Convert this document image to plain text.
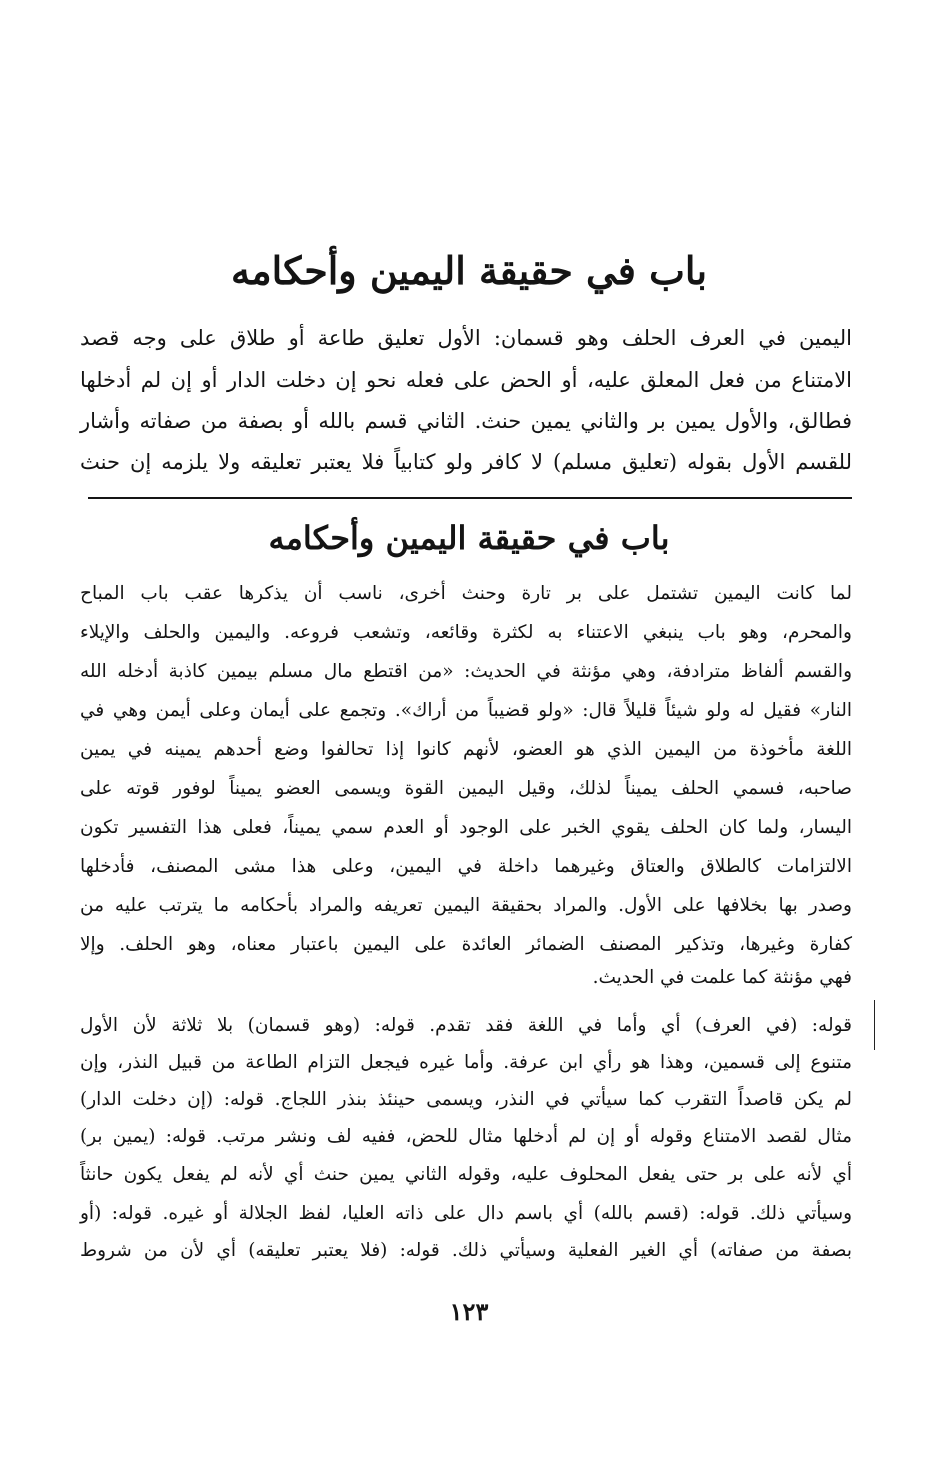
باب في حقيقة اليمين وأحكامه
اليمين في العرف الحلف وهو قسمان: الأول تعليق طاعة أو طلاق على وجه قصد
الامتناع من فعل المعلق عليه، أو الحض على فعله نحو إن دخلت الدار أو إن لم أدخلها
فطالق، والأول يمين بر والثاني يمين حنث. الثاني قسم بالله أو بصفة من صفاته وأشار
للقسم الأول بقوله (تعليق مسلم) لا كافر ولو كتابياً فلا يعتبر تعليقه ولا يلزمه إن حنث
باب في حقيقة اليمين وأحكامه
لما كانت اليمين تشتمل على بر تارة وحنث أخرى، ناسب أن يذكرها عقب باب المباح
والمحرم، وهو باب ينبغي الاعتناء به لكثرة وقائعه، وتشعب فروعه. واليمين والحلف والإيلاء
والقسم ألفاظ مترادفة، وهي مؤنثة في الحديث: «من اقتطع مال مسلم بيمين كاذبة أدخله الله
النار» فقيل له ولو شيئاً قليلاً قال: «ولو قضيباً من أراك». وتجمع على أيمان وعلى أيمن وهي في
اللغة مأخوذة من اليمين الذي هو العضو، لأنهم كانوا إذا تحالفوا وضع أحدهم يمينه في يمين
صاحبه، فسمي الحلف يميناً لذلك، وقيل اليمين القوة ويسمى العضو يميناً لوفور قوته على
اليسار، ولما كان الحلف يقوي الخبر على الوجود أو العدم سمي يميناً، فعلى هذا التفسير تكون
الالتزامات كالطلاق والعتاق وغيرهما داخلة في اليمين، وعلى هذا مشى المصنف، فأدخلها
وصدر بها بخلافها على الأول. والمراد بحقيقة اليمين تعريفه والمراد بأحكامه ما يترتب عليه من
كفارة وغيرها، وتذكير المصنف الضمائر العائدة على اليمين باعتبار معناه، وهو الحلف. وإلا
فهي مؤنثة كما علمت في الحديث.
قوله: (في العرف) أي وأما في اللغة فقد تقدم. قوله: (وهو قسمان) بلا ثلاثة لأن الأول
متنوع إلى قسمين، وهذا هو رأي ابن عرفة. وأما غيره فيجعل التزام الطاعة من قبيل النذر، وإن
لم يكن قاصداً التقرب كما سيأتي في النذر، ويسمى حينئذ بنذر اللجاج. قوله: (إن دخلت الدار)
مثال لقصد الامتناع وقوله أو إن لم أدخلها مثال للحض، ففيه لف ونشر مرتب. قوله: (يمين بر)
أي لأنه على بر حتى يفعل المحلوف عليه، وقوله الثاني يمين حنث أي لأنه لم يفعل يكون حانثاً
وسيأتي ذلك. قوله: (قسم بالله) أي باسم دال على ذاته العليا، لفظ الجلالة أو غيره. قوله: (أو
بصفة من صفاته) أي الغير الفعلية وسيأتي ذلك. قوله: (فلا يعتبر تعليقه) أي لأن من شروط
١٢٣
